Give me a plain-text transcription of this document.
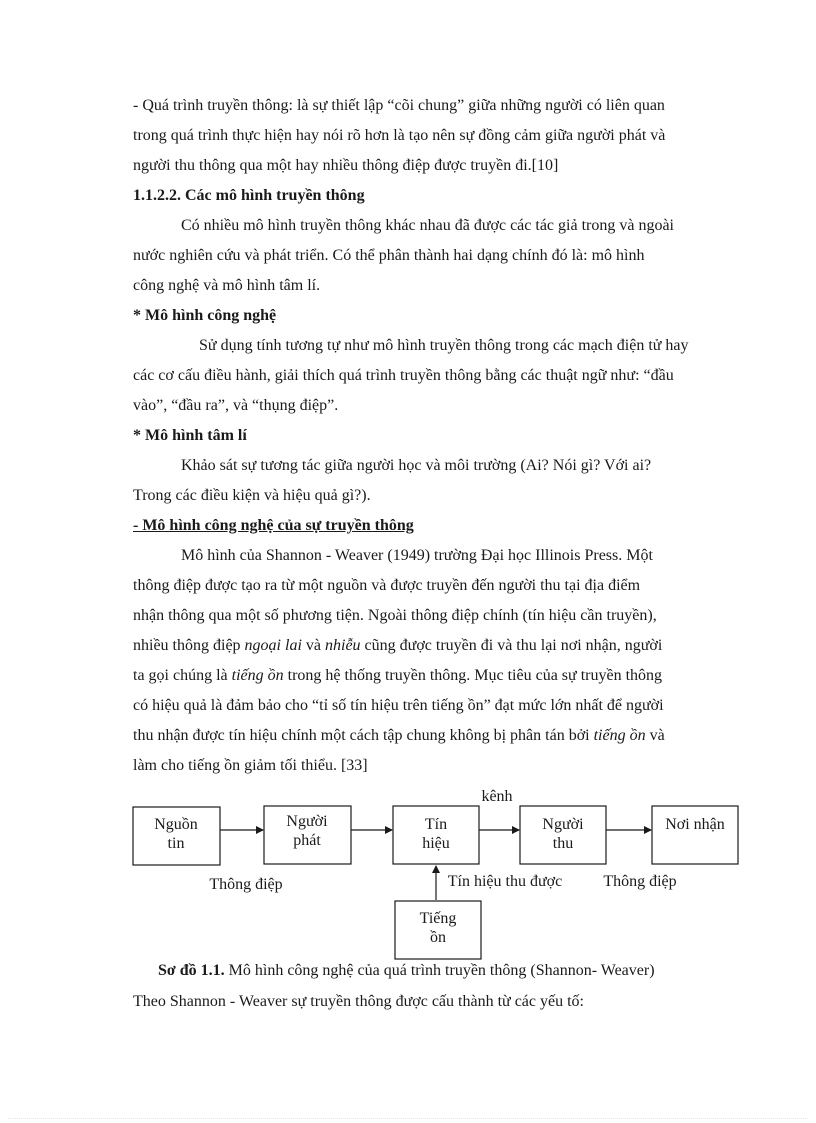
- Quá trình truyền thông: là sự thiết lập “cõi chung” giữa những người có liên quan
trong quá trình thực hiện hay nói rõ hơn là tạo nên sự đồng cảm giữa người phát và
người thu thông qua một hay nhiều thông điệp được truyền đi.[10]
1.1.2.2. Các mô hình truyền thông
Có nhiều mô hình truyền thông khác nhau đã được các tác giả trong và ngoài
nước nghiên cứu và phát triển. Có thể phân thành hai dạng chính đó là: mô hình
công nghệ và mô hình tâm lí.
* Mô hình công nghệ
Sử dụng tính tương tự như mô hình truyền thông trong các mạch điện tử hay
các cơ cấu điều hành, giải thích quá trình truyền thông bằng các thuật ngữ như: “đầu
vào”, “đầu ra”, và “thụng điệp”.
* Mô hình tâm lí
Khảo sát sự tương tác giữa người học và môi trường (Ai? Nói gì? Với ai?
Trong các điều kiện và hiệu quả gì?).
- Mô hình công nghệ của sự truyền thông
Mô hình của Shannon - Weaver (1949) trường Đại học Illinois Press. Một
thông điệp được tạo ra từ một nguồn và được truyền đến người thu tại địa điểm
nhận thông qua một số phương tiện. Ngoài thông điệp chính (tín hiệu cần truyền),
nhiều thông điệp ngoại lai và nhiễu cũng được truyền đi và thu lại nơi nhận, người
ta gọi chúng là tiếng ồn trong hệ thống truyền thông. Mục tiêu của sự truyền thông
có hiệu quả là đảm bảo cho “tỉ số tín hiệu trên tiếng ồn” đạt mức lớn nhất để người
thu nhận được tín hiệu chính một cách tập chung không bị phân tán bởi tiếng ồn và
làm cho tiếng ồn giảm tối thiểu. [33]
Nguồn
tin
Người
phát
Tín
hiệu
kênh
Người
thu
Nơi nhận
Thông điệp	Tín hiệu thu được	Thông điệp
Tiếng
ồn
Sơ đồ 1.1. Mô hình công nghệ của quá trình truyền thông (Shannon- Weaver)
Theo Shannon - Weaver sự truyền thông được cấu thành từ các yếu tố:
